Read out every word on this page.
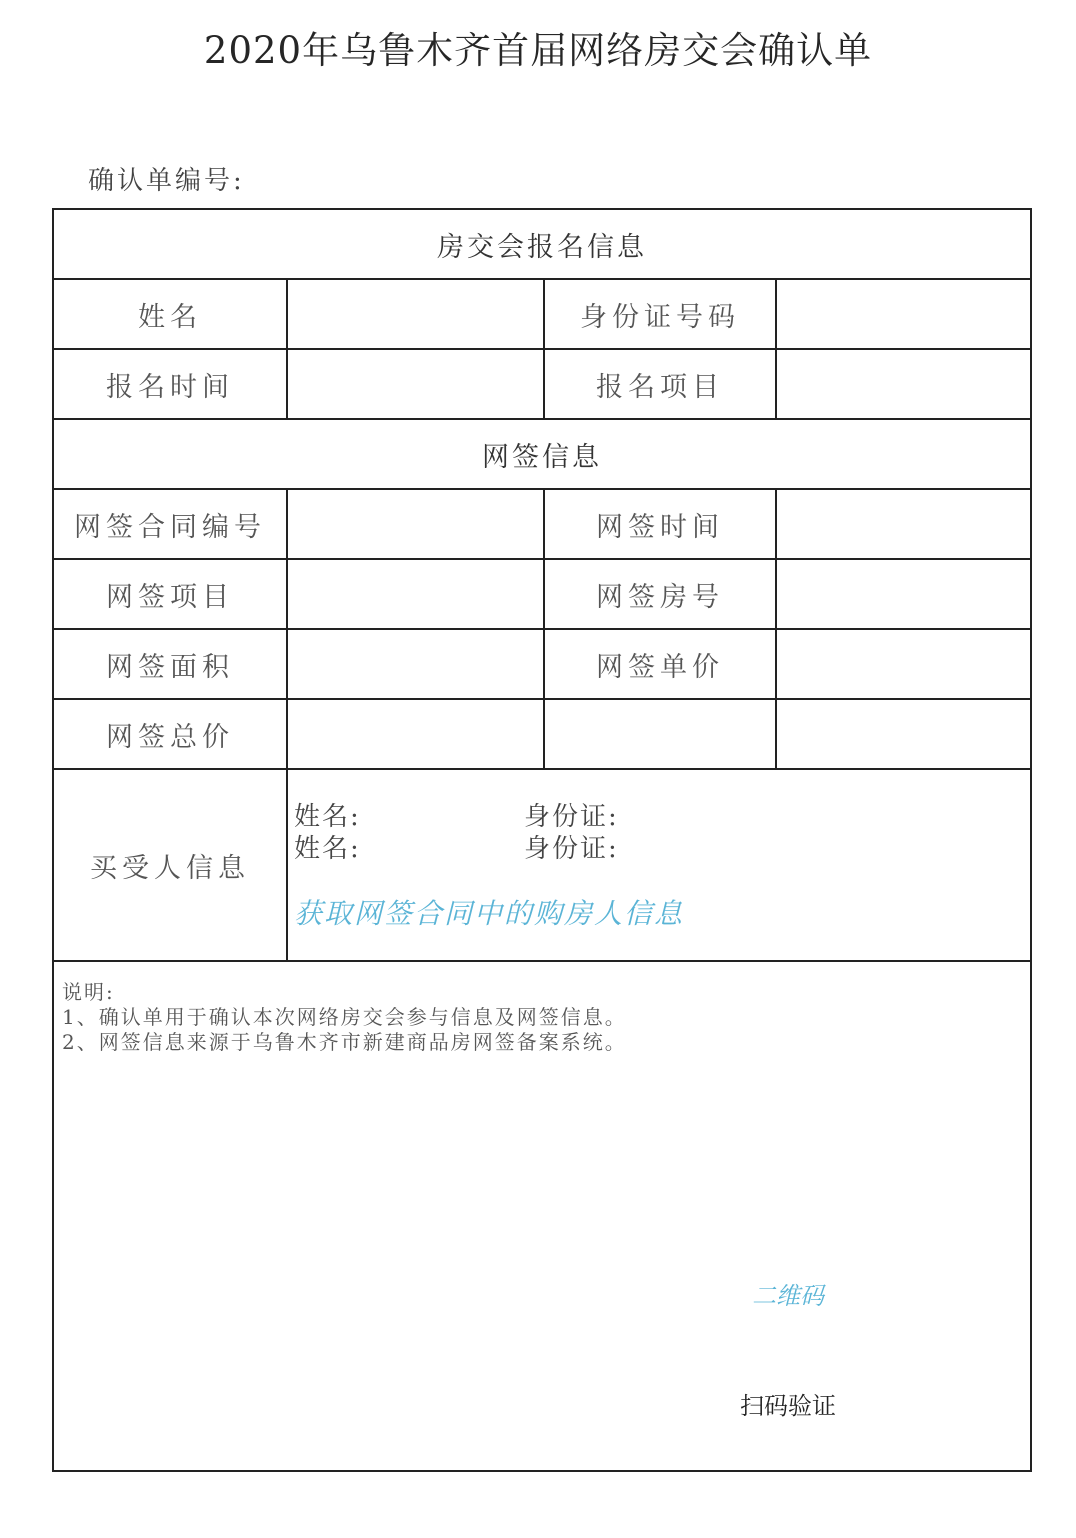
2020年乌鲁木齐首届网络房交会确认单
确认单编号:
房交会报名信息			
姓名		身份证号码	
报名时间		报名项目	
网签信息			
网签合同编号		网签时间	
网签项目		网签房号	
网签面积		网签单价	
网签总价			
买受人信息	姓名: 身份证:
姓名: 身份证:
获取网签合同中的购房人信息		
说明:
1、确认单用于确认本次网络房交会参与信息及网签信息。
2、网签信息来源于乌鲁木齐市新建商品房网签备案系统。
二维码
扫码验证
